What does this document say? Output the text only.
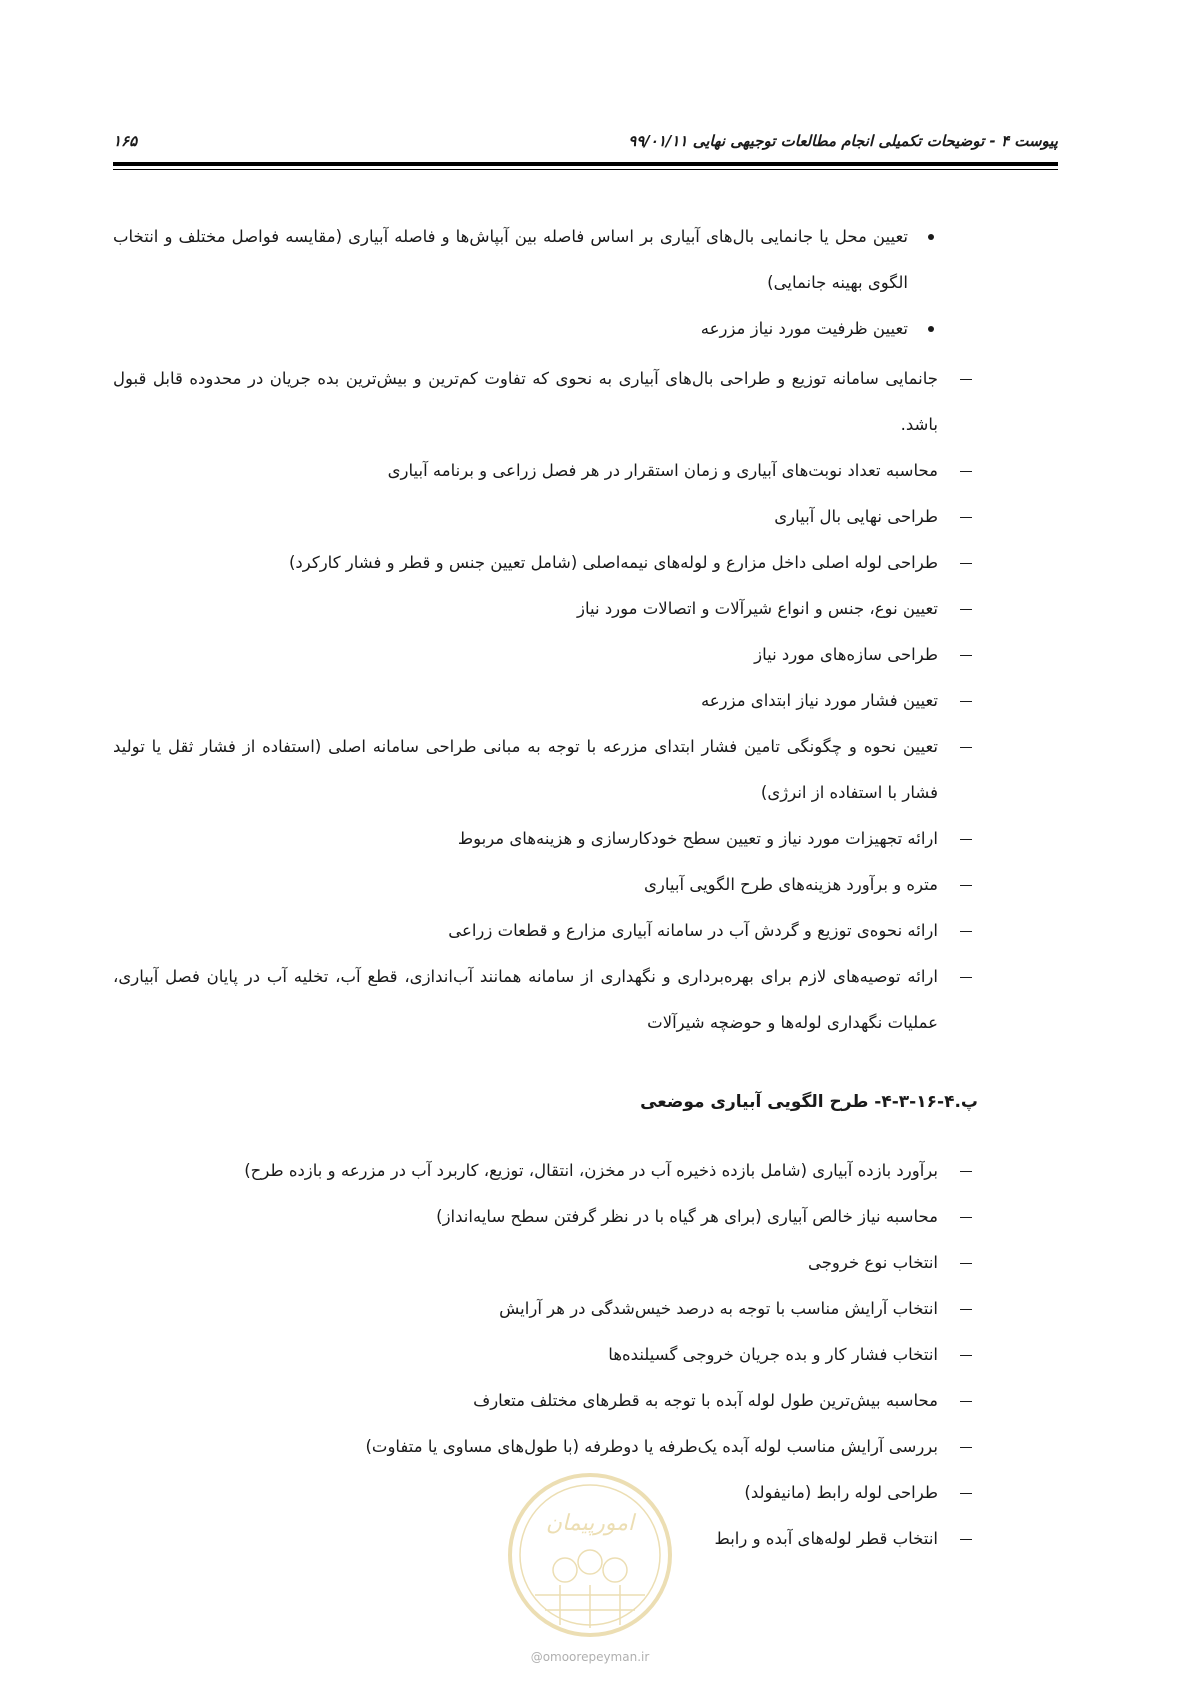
پیوست ۴ - توضیحات تکمیلی انجام مطالعات توجیهی نهایی ۹۹/۰۱/۱۱
۱۶۵
تعیین محل یا جانمایی بال‌های آبیاری بر اساس فاصله بین آبپاش‌ها و فاصله آبیاری (مقایسه فواصل مختلف و انتخاب الگوی بهینه جانمایی)
تعیین ظرفیت مورد نیاز مزرعه
جانمایی سامانه توزیع و طراحی بال‌های آبیاری به نحوی که تفاوت کم‌ترین و بیش‌ترین بده جریان در محدوده قابل قبول باشد.
محاسبه تعداد نوبت‌های آبیاری و زمان استقرار در هر فصل زراعی و برنامه آبیاری
طراحی نهایی بال آبیاری
طراحی لوله اصلی داخل مزارع و لوله‌های نیمه‌اصلی (شامل تعیین جنس و قطر و فشار کارکرد)
تعیین نوع، جنس و انواع شیرآلات و اتصالات مورد نیاز
طراحی سازه‌های مورد نیاز
تعیین فشار مورد نیاز ابتدای مزرعه
تعیین نحوه و چگونگی تامین فشار ابتدای مزرعه با توجه به مبانی طراحی سامانه اصلی (استفاده از فشار ثقل یا تولید فشار با استفاده از انرژی)
ارائه تجهیزات مورد نیاز و تعیین سطح خودکارسازی و هزینه‌های مربوط
متره و برآورد هزینه‌های طرح الگویی آبیاری
ارائه نحوه‌ی توزیع و گردش آب در سامانه آبیاری مزارع و قطعات زراعی
ارائه توصیه‌های لازم برای بهره‌برداری و نگهداری از سامانه همانند آب‌اندازی، قطع آب، تخلیه آب در پایان فصل آبیاری، عملیات نگهداری لوله‌ها و حوضچه شیرآلات
پ.۴-۱۶-۳-۴- طرح الگویی آبیاری موضعی
برآورد بازده آبیاری (شامل بازده ذخیره آب در مخزن، انتقال، توزیع، کاربرد آب در مزرعه و بازده طرح)
محاسبه نیاز خالص آبیاری (برای هر گیاه با در نظر گرفتن سطح سایه‌انداز)
انتخاب نوع خروجی
انتخاب آرایش مناسب با توجه به درصد خیس‌شدگی در هر آرایش
انتخاب فشار کار و بده جریان خروجی گسیلنده‌ها
محاسبه بیش‌ترین طول لوله آبده با توجه به قطرهای مختلف متعارف
بررسی آرایش مناسب لوله آبده یک‌طرفه یا دوطرفه (با طول‌های مساوی یا متفاوت)
طراحی لوله رابط (مانیفولد)
انتخاب قطر لوله‌های آبده و رابط
امورپیمان
@omoorepeyman.ir
